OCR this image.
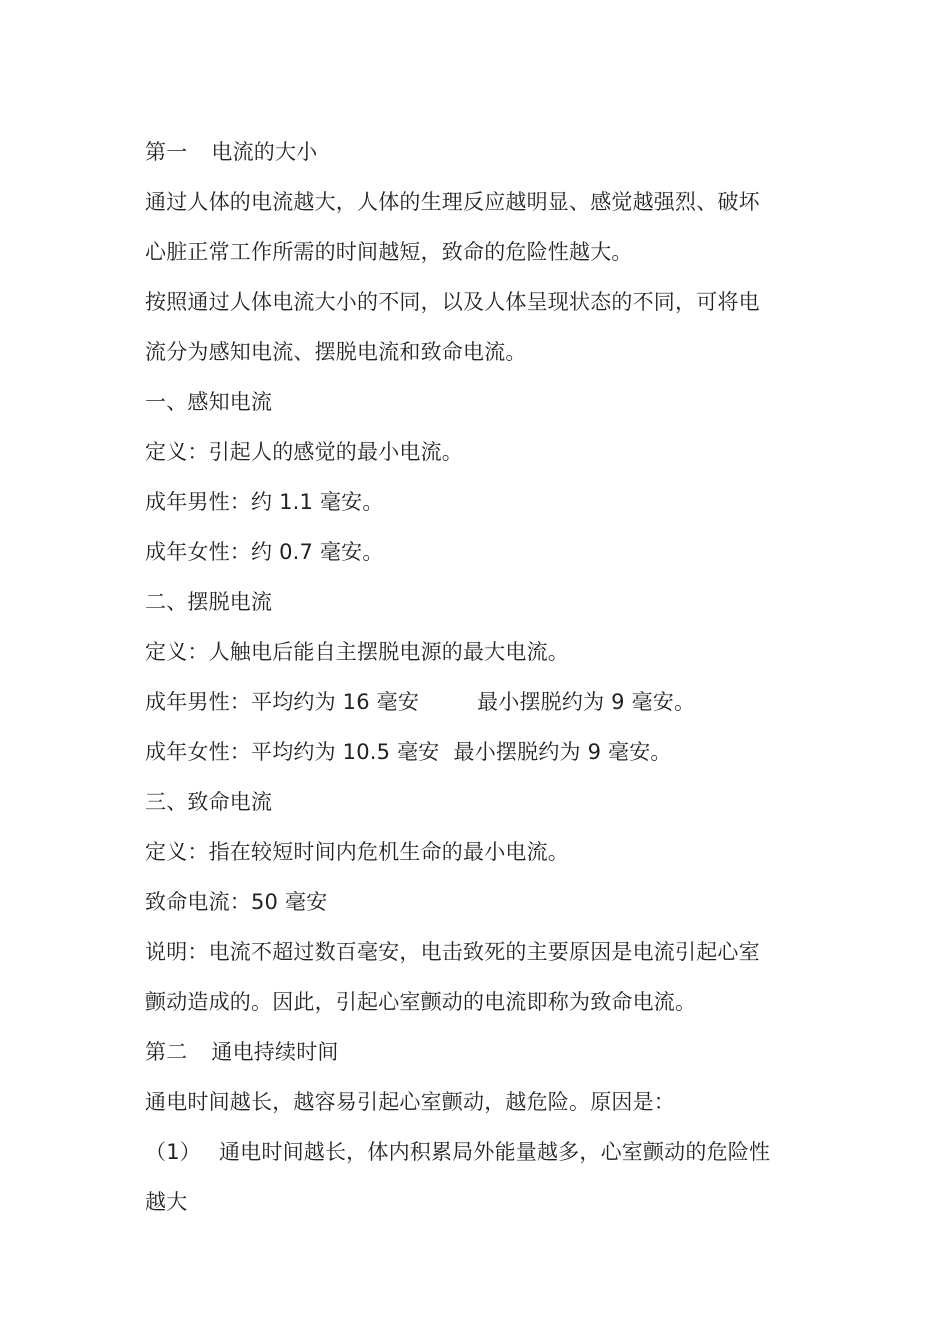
第一 电流的大小
通过人体的电流越大，人体的生理反应越明显、感觉越强烈、破坏
心脏正常工作所需的时间越短，致命的危险性越大。
按照通过人体电流大小的不同，以及人体呈现状态的不同，可将电
流分为感知电流、摆脱电流和致命电流。
一、感知电流
定义：引起人的感觉的最小电流。
成年男性：约 1.1 毫安。
成年女性：约 0.7 毫安。
二、摆脱电流
定义：人触电后能自主摆脱电源的最大电流。
成年男性：平均约为 16 毫安	最小摆脱约为 9 毫安。
成年女性：平均约为 10.5 毫安 最小摆脱约为 9 毫安。
三、致命电流
定义：指在较短时间内危机生命的最小电流。
致命电流：50 毫安
说明：电流不超过数百毫安，电击致死的主要原因是电流引起心室
颤动造成的。因此，引起心室颤动的电流即称为致命电流。
第二 通电持续时间
通电时间越长，越容易引起心室颤动，越危险。原因是：
（1） 通电时间越长，体内积累局外能量越多，心室颤动的危险性
越大
